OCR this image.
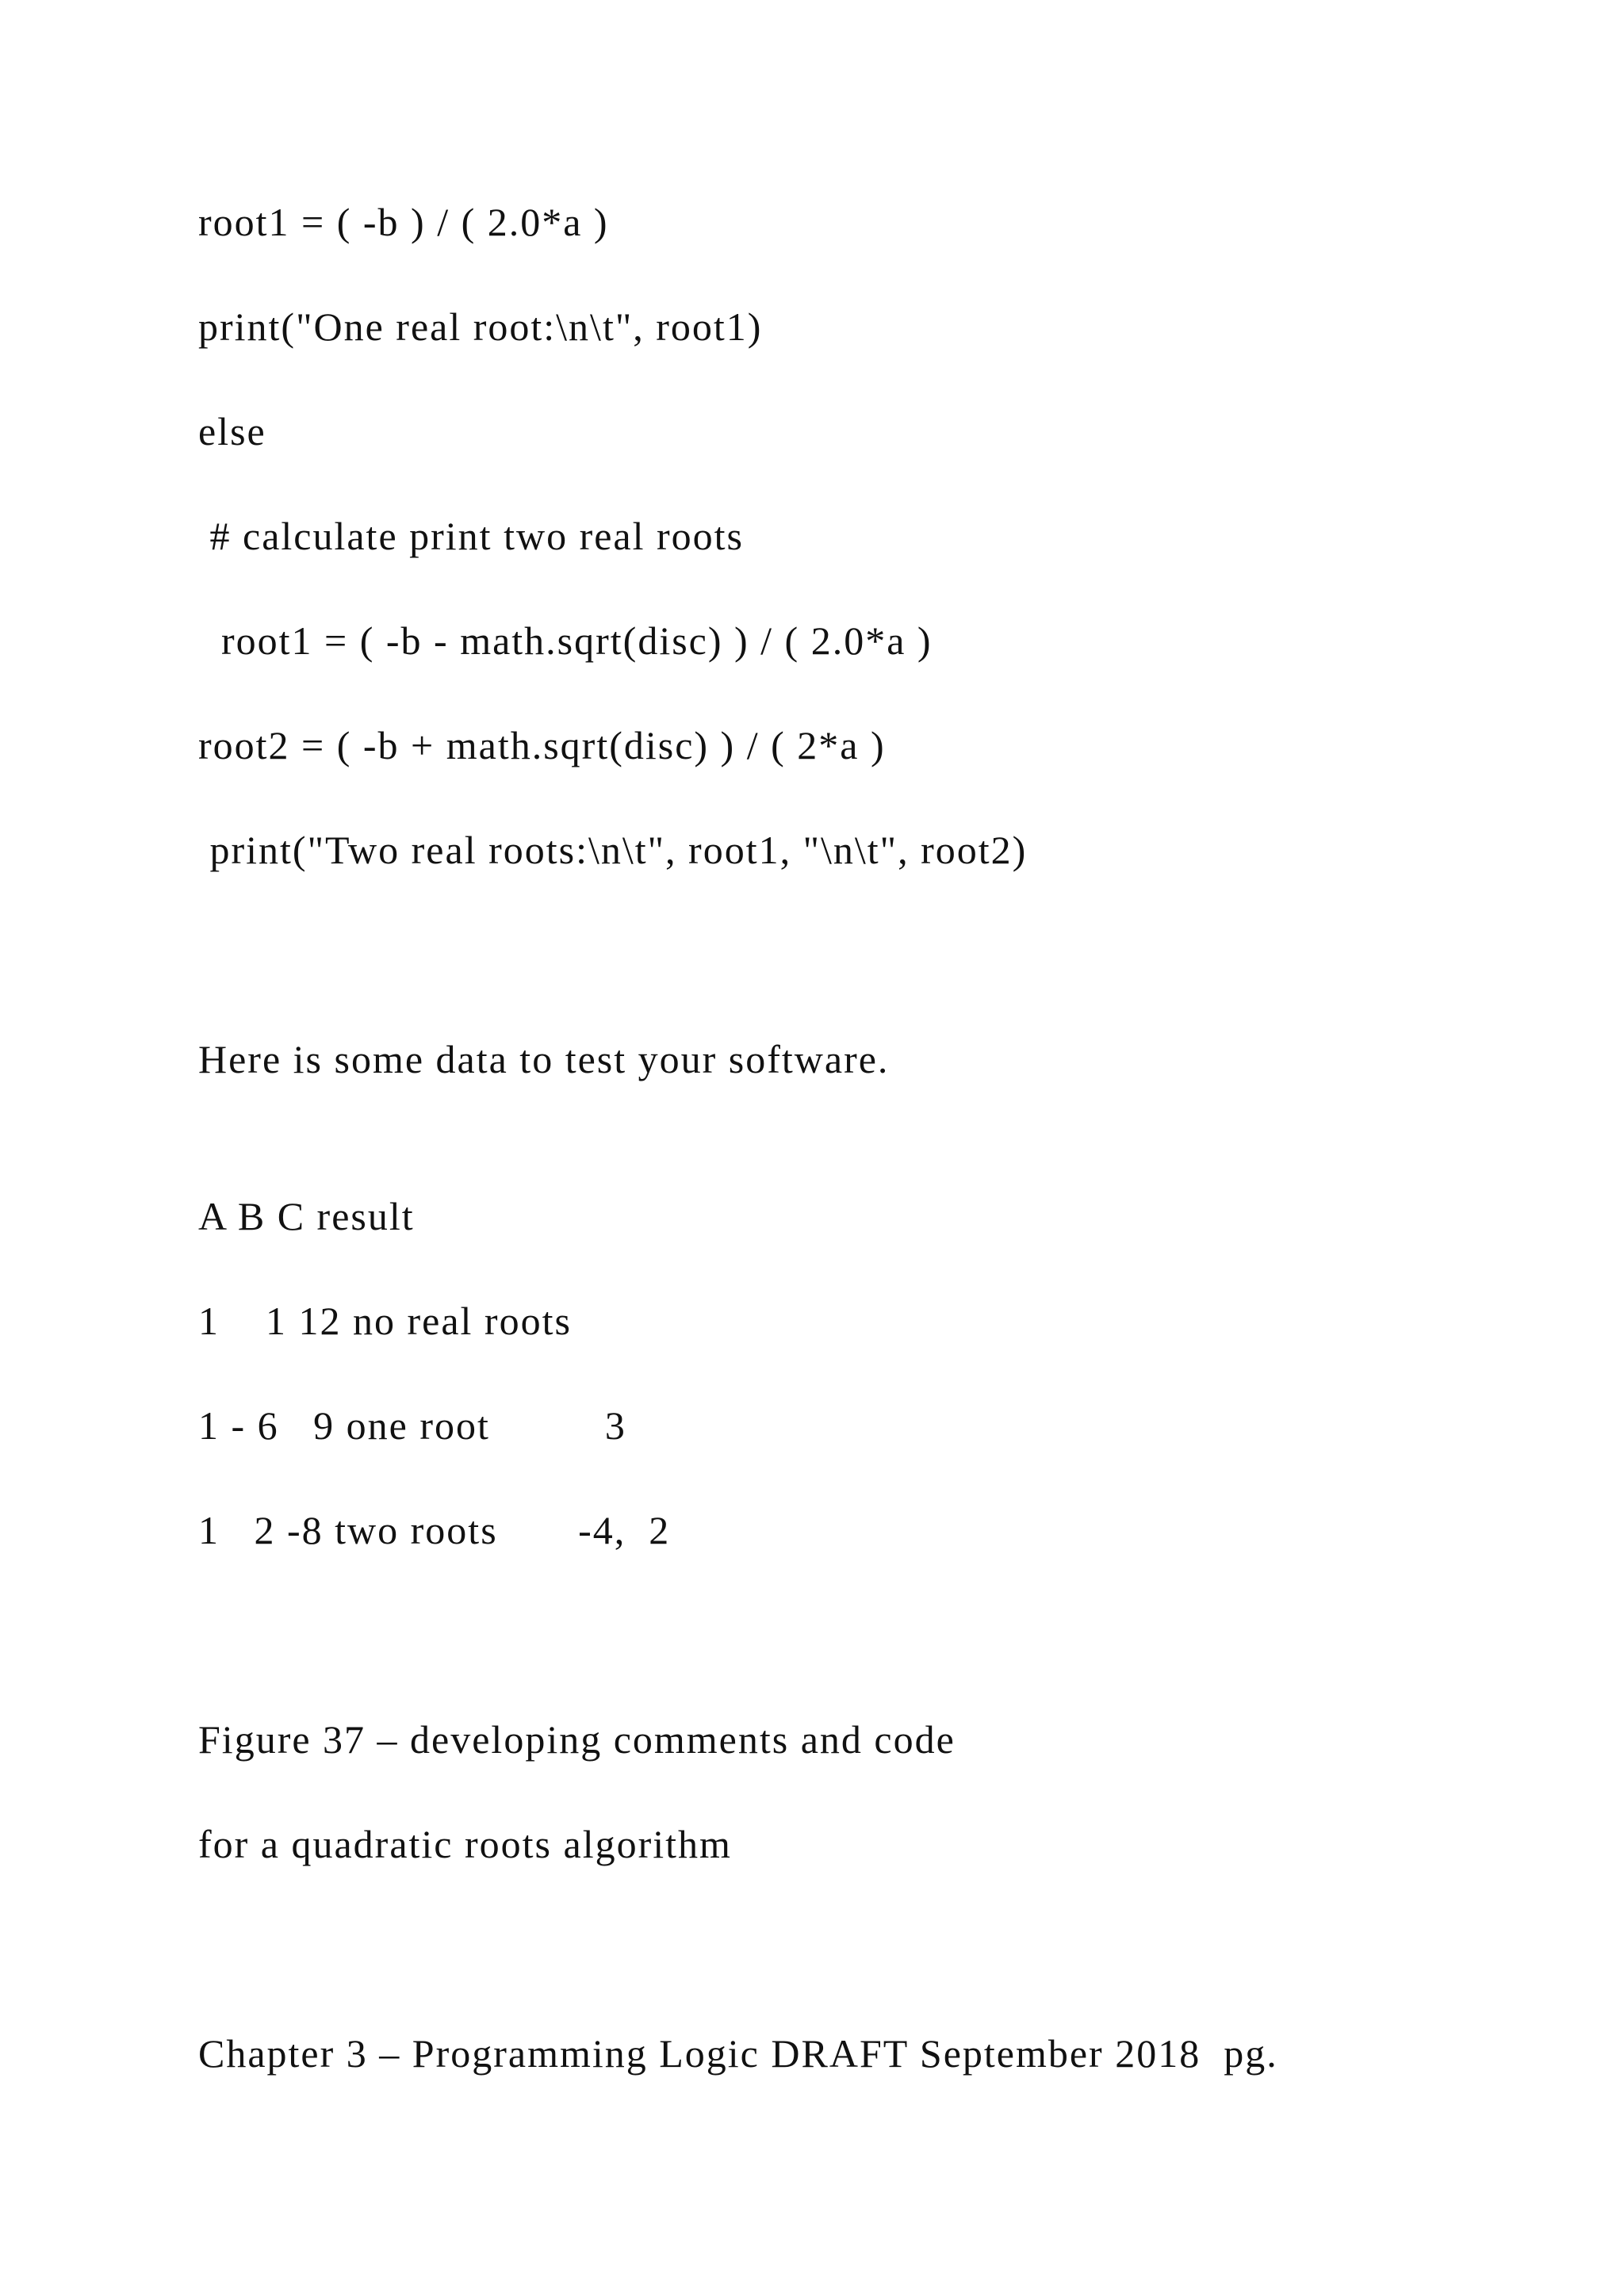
root1 = ( -b ) / ( 2.0*a )

print("One real root:\n\t", root1)

else

# calculate print two real roots

root1 = ( -b - math.sqrt(disc) ) / ( 2.0*a )

root2 = ( -b + math.sqrt(disc) ) / ( 2*a )

print("Two real roots:\n\t", root1, "\n\t", root2)

Here is some data to test your software.

A B C result

1    1 12 no real roots

1 - 6   9 one root          3

1   2 -8 two roots       -4,  2

Figure 37 – developing comments and code

for a quadratic roots algorithm

Chapter 3 – Programming Logic DRAFT September 2018  pg.
